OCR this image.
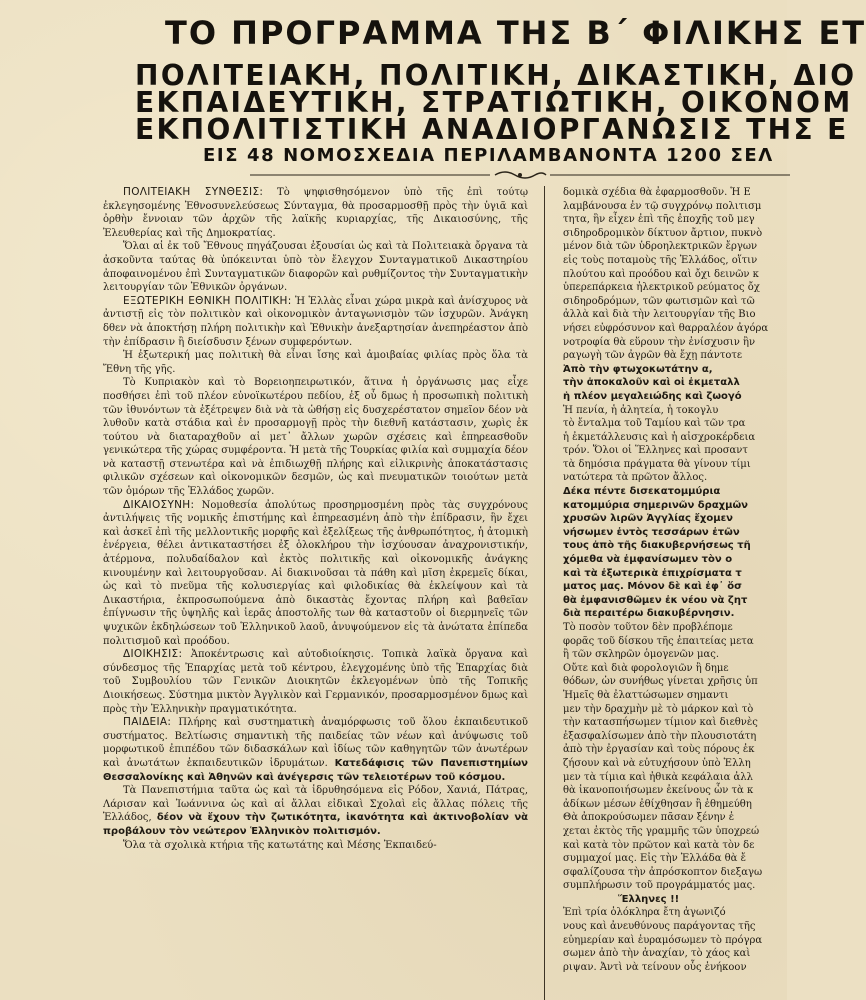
ΤΟ ΠΡΟΓΡΑΜΜΑ ΤΗΣ Β΄ ΦΙΛΙΚΗΣ ΕΤ
ΠΟΛΙΤΕΙΑΚΗ, ΠΟΛΙΤΙΚΗ, ΔΙΚΑΣΤΙΚΗ, ΔΙΟ
ΕΚΠΑΙΔΕΥΤΙΚΗ, ΣΤΡΑΤΙΩΤΙΚΗ, ΟΙΚΟΝΟΜ
ΕΚΠΟΛΙΤΙΣΤΙΚΗ ΑΝΑΔΙΟΡΓΑΝΩΣΙΣ ΤΗΣ Ε
ΕΙΣ 48 ΝΟΜΟΣΧΕΔΙΑ ΠΕΡΙΛΑΜΒΑΝΟΝΤΑ 1200 ΣΕΛ

ΠΟΛΙΤΕΙΑΚΗ ΣΥΝΘΕΣΙΣ: Τὸ ψηφισθησόμενον ὑπὸ τῆς ἐπὶ τούτῳ ἐκλεγησομένης Ἐθνοσυνελεύσεως Σύνταγμα, θὰ προσαρμοσθῇ πρὸς τὴν ὑγιᾶ καὶ ὀρθὴν ἔννοιαν τῶν ἀρχῶν τῆς λαϊκῆς κυριαρχίας, τῆς Δικαιοσύνης, τῆς Ἐλευθερίας καὶ τῆς Δημοκρατίας.

Ὅλαι αἱ ἐκ τοῦ Ἔθνους πηγάζουσαι ἐξουσίαι ὡς καὶ τὰ Πολιτειακὰ ὄργανα τὰ ἀσκοῦντα ταύτας θὰ ὑπόκεινται ὑπὸ τὸν ἔλεγχον Συνταγματικοῦ Δικαστηρίου ἀποφαινομένου ἐπὶ Συνταγματικῶν διαφορῶν καὶ ρυθμίζοντος τὴν Συνταγματικὴν λειτουργίαν τῶν Ἐθνικῶν ὀργάνων.

ΕΞΩΤΕΡΙΚΗ ΕΘΝΙΚΗ ΠΟΛΙΤΙΚΗ: Ἡ Ἑλλὰς εἶναι χώρα μικρὰ καὶ ἀνίσχυρος νὰ ἀντιστῇ εἰς τὸν πολιτικὸν καὶ οἰκονομικὸν ἀνταγωνισμὸν τῶν ἰσχυρῶν. Ἀνάγκη δθεν νὰ ἀποκτήσῃ πλήρη πολιτικὴν καὶ Ἐθνικὴν ἀνεξαρτησίαν ἀνεπηρέαστον ἀπὸ τὴν ἐπίδρασιν ἢ διείσδυσιν ξένων συμφερόντων.

Ἡ ἐξωτερική μας πολιτικὴ θὰ εἶναι ἴσης καὶ ἀμοιβαίας φιλίας πρὸς ὅλα τὰ Ἔθνη τῆς γῆς.

Τὸ Κυπριακὸν καὶ τὸ Βορειοηπειρωτικόν, ἅτινα ἡ ὀργάνωσις μας εἶχε ποσθήσει ἐπὶ τοῦ πλέον εὐνοϊκωτέρου πεδίου, ἐξ οὗ δμως ἡ προσωπικὴ πολιτικὴ τῶν ἰθυνόντων τὰ ἐξέτρεψεν διὰ νὰ τὰ ὡθήσῃ εἰς δυσχερέστατον σημεῖον δέον νὰ λυθοῦν κατὰ στάδια καὶ ἐν προσαρμογῇ πρὸς τὴν διεθνῆ κατάστασιν, χωρὶς ἐκ τούτου νὰ διαταραχθοῦν αἱ μετ᾽ ἄλλων χωρῶν σχέσεις καὶ ἐπηρεασθοῦν γενικώτερα τῆς χώρας συμφέροντα. Ἡ μετὰ τῆς Τουρκίας φιλία καὶ συμμαχία δέον νὰ καταστῇ στενωτέρα καὶ νὰ ἐπιδιωχθῇ πλήρης καὶ εἰλικρινὴς ἀποκατάστασις φιλικῶν σχέσεων καὶ οἰκονομικῶν δεσμῶν, ὡς καὶ πνευματικῶν τοιούτων μετὰ τῶν ὁμόρων τῆς Ἑλλάδος χωρῶν.

ΔΙΚΑΙΟΣΥΝΗ: Νομοθεσία ἀπολύτως προσηρμοσμένη πρὸς τὰς συγχρόνους ἀντιλήψεις τῆς νομικῆς ἐπιστήμης καὶ ἐπηρεασμένη ἀπὸ τὴν ἐπίδρασιν, ἣν ἔχει καὶ ἀσκεῖ ἐπὶ τῆς μελλοντικῆς μορφῆς καὶ ἐξελίξεως τῆς ἀνθρωπότητος, ἡ ἀτομικὴ ἐνέργεια, θέλει ἀντικαταστήσει ἐξ ὁλοκλήρου τὴν ἰσχύουσαν ἀναχρονιστικήν, ἀτέρμονα, πολυδαίδαλον καὶ ἐκτὸς πολιτικῆς καὶ οἰκονομικῆς ἀνάγκης κινουμένην καὶ λειτουργοῦσαν. Αἱ διακινοῦσαι τὰ πάθη καὶ μῖση ἐκρεμεῖς δίκαι, ὡς καὶ τὸ πνεῦμα τῆς κολυσιεργίας καὶ φιλοδικίας θὰ ἐκλείψουν καὶ τὰ Δικαστήρια, ἐκπροσωπούμενα ἀπὸ δικαστὰς ἔχοντας πλήρη καὶ βαθεῖαν ἐπίγνωσιν τῆς ὑψηλῆς καὶ ἱερᾶς ἀποστολῆς των θὰ καταστοῦν οἱ διερμηνεῖς τῶν ψυχικῶν ἐκδηλώσεων τοῦ Ἑλληνικοῦ λαοῦ, ἀνυψούμενον εἰς τὰ ἀνώτατα ἐπίπεδα πολιτισμοῦ καὶ προόδου.

ΔΙΟΙΚΗΣΙΣ: Ἀποκέντρωσις καὶ αὐτοδιοίκησις. Τοπικὰ λαϊκὰ ὄργανα καὶ σύνδεσμος τῆς Ἐπαρχίας μετὰ τοῦ κέντρου, ἐλεγχομένης ὑπὸ τῆς Ἐπαρχίας διὰ τοῦ Συμβουλίου τῶν Γενικῶν Διοικητῶν ἐκλεγομένων ὑπὸ τῆς Τοπικῆς Διοικήσεως. Σύστημα μικτὸν Ἀγγλικὸν καὶ Γερμανικόν, προσαρμοσμένον δμως καὶ πρὸς τὴν Ἑλληνικὴν πραγματικότητα.

ΠΑΙΔΕΙΑ: Πλήρης καὶ συστηματικὴ ἀναμόρφωσις τοῦ ὅλου ἐκπαιδευτικοῦ συστήματος. Βελτίωσις σημαντικὴ τῆς παιδείας τῶν νέων καὶ ἀνύψωσις τοῦ μορφωτικοῦ ἐπιπέδου τῶν διδασκάλων καὶ ἰδίως τῶν καθηγητῶν τῶν ἀνωτέρων καὶ ἀνωτάτων ἐκπαιδευτικῶν ἱδρυμάτων. Κατεδάφισις τῶν Πανεπιστημίων Θεσσαλονίκης καὶ Ἀθηνῶν καὶ ἀνέγερσις τῶν τελειοτέρων τοῦ κόσμου.

Τὰ Πανεπιστήμια ταῦτα ὡς καὶ τὰ ἱδρυθησόμενα εἰς Ρόδον, Χανιά, Πάτρας, Λάρισαν καὶ Ἰωάννινα ὡς καὶ αἱ ἄλλαι εἰδικαὶ Σχολαὶ εἰς ἄλλας πόλεις τῆς Ἑλλάδος, δέον νὰ ἔχουν τὴν ζωτικότητα, ἱκανότητα καὶ ἀκτινοβολίαν νὰ προβάλουν τὸν νεώτερον Ἑλληνικὸν πολιτισμόν.

Ὅλα τὰ σχολικὰ κτήρια τῆς κατωτάτης καὶ Μέσης Ἐκπαιδεύ-

δομικὰ σχέδια θὰ ἐφαρμοσθοῦν. Ἡ Ε
λαμβάνουσα ἐν τῷ συγχρόνῳ πολιτισμ
τητα, ἣν εἶχεν ἐπὶ τῆς ἐποχῆς τοῦ μεγ
σιδηροδρομικὸν δίκτυον ἄρτιον, πυκνὸ
μένον διὰ τῶν ὑδροηλεκτρικῶν ἔργων
εἰς τοὺς ποταμοὺς τῆς Ἑλλάδος, οἵτιν
πλούτου καὶ προόδου καὶ ὄχι δεινῶν κ
ὑπερεπάρκεια ἠλεκτρικοῦ ρεύματος ὄχ
σιδηροδρόμων, τῶν φωτισμῶν καὶ τῶ
ἀλλὰ καὶ διὰ τὴν λειτουργίαν τῆς Βιο
νήσει εὐφρόσυνον καὶ θαρραλέον ἀγόρα
νοτροφία θὰ εὕρουν τὴν ἐνίσχυσιν ἢν
ραγωγὴ τῶν ἀγρῶν θὰ ἔχῃ πάντοτε
Ἀπὸ τὴν φτωχοκωτάτην α,
τὴν ἀποκαλοῦν καὶ οἱ ἐκμεταλλ
ἡ πλέον μεγαλειώδης καὶ ζωογό
Ἡ πενία, ἡ ἀλητεία, ἡ τοκογλυ
τὸ ἔνταλμα τοῦ Ταμίου καὶ τῶν τρα
ἡ ἐκμετάλλευσις καὶ ἡ αἰσχροκέρδεια
τρόν. Ὅλοι οἱ Ἕλληνες καὶ προσαντ
τὰ δημόσια πράγματα θὰ γίνουν τίμι
νατώτερα τὰ πρῶτον ἄλλος.
Δέκα πέντε δισεκατομμύρια
κατομμύρια σημερινῶν δραχμῶν
χρυσῶν λιρῶν Ἀγγλίας ἔχομεν
νήσωμεν ἐντὸς τεσσάρων ἐτῶν
τους ἀπὸ τῆς διακυβερνήσεως τῆ
χόμεθα νὰ ἐμφανίσωμεν τὸν ο
καὶ τὰ ἐξωτερικὰ ἐπιχρίσματα τ
ματος μας. Μόνον δὲ καὶ ἐφ᾽ ὅσ
θὰ ἐμφανισθῶμεν ἐκ νέου νὰ ζητ
διὰ περαιτέρω διακυβέρνησιν.
Τὸ ποσὸν τοῦτον δὲν προβλέπομε
φορᾶς τοῦ δίσκου τῆς ἐπαιτείας μετα
ἢ τῶν σκληρῶν ὁμογενῶν μας.
Οὔτε καὶ διὰ φορολογιῶν ἢ δημε
θόδων, ὡν συνήθως γίνεται χρῆσις ὑπ
Ἡμεῖς θὰ ἐλαττώσωμεν σημαντι
μεν τὴν δραχμὴν μὲ τὸ μάρκον καὶ τὸ
τὴν κατασπήσωμεν τίμιον καὶ διεθνὲς
ἐξασφαλίσωμεν ἀπὸ τὴν πλουσιοτάτη
ἀπὸ τὴν ἐργασίαν καὶ τοὺς πόρους ἐκ
ζήσουν καὶ νὰ εὐτυχήσουν ὑπὸ Ἑλλη
μεν τὰ τίμια καὶ ἠθικὰ κεφάλαια ἀλλ
θὰ ἱκανοποιήσωμεν ἐκείνους ὧν τὰ κ
ἀδίκων μέσων ἐθίχθησαν ἢ ἐθημεύθη
Θὰ ἀποκρούσωμεν πᾶσαν ξένην ἐ
χεται ἐκτὸς τῆς γραμμῆς τῶν ὑποχρεώ
καὶ κατὰ τὸν πρῶτον καὶ κατὰ τὸν δε
συμμαχοί μας. Εἰς τὴν Ἑλλάδα θὰ ἔ
σφαλίζουσα τὴν ἀπρόσκοπτον διεξαγω
συμπλήρωσιν τοῦ προγράμματός μας.
Ἕλληνες !!
Ἐπὶ τρία ὁλόκληρα ἔτη ἀγωνιζό
νους καὶ ἀνευθύνους παράγοντας τῆς
εὐημερίαν καὶ ἐυραμόσωμεν τὸ πρόγρα
σωμεν ἀπὸ τὴν ἀναχίαν, τὸ χάος καὶ
ριψαν. Ἀντὶ νὰ τείνουν οὗς ἐνήκοον
